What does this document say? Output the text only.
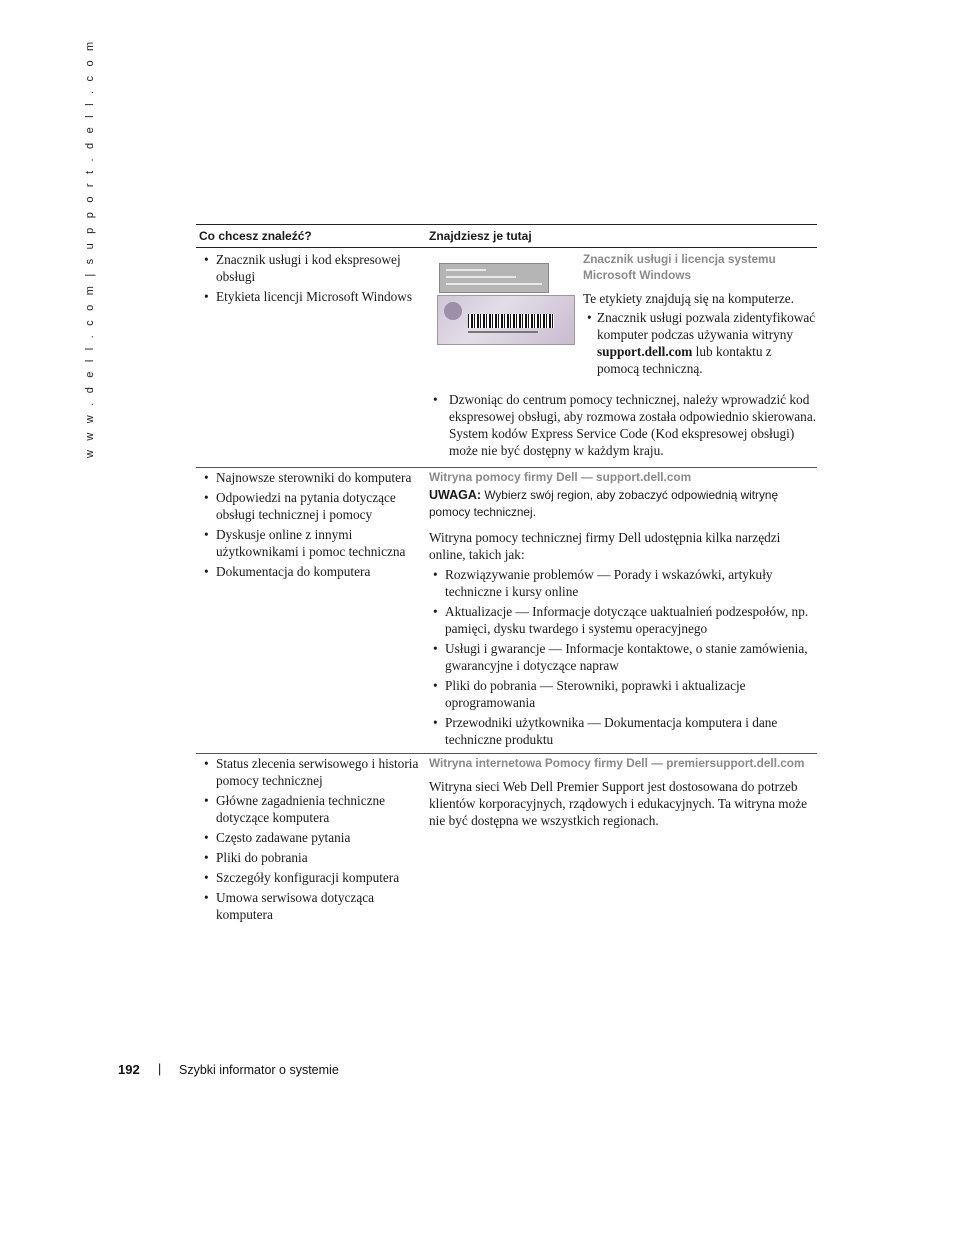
w w w . d e l l . c o m | s u p p o r t . d e l l . c o m	Co chcesz znaleźć?	Znajdziesz je tutaj
• Znacznik usługi i kod ekspresowej obsługi
• Etykieta licencji Microsoft Windows
Znacznik usługi i licencja systemu Microsoft Windows

Te etykiety znajdują się na komputerze.

• Znacznik usługi pozwala zidentyfikować komputer podczas używania witryny support.dell.com lub kontaktu z pomocą techniczną.
• Dzwoniąc do centrum pomocy technicznej, należy wprowadzić kod ekspresowej obsługi, aby rozmowa została odpowiednio skierowana. System kodów Express Service Code (Kod ekspresowej obsługi) może nie być dostępny w każdym kraju.
• Najnowsze sterowniki do komputera
• Odpowiedzi na pytania dotyczące obsługi technicznej i pomocy
• Dyskusje online z innymi użytkownikami i pomoc techniczna
• Dokumentacja do komputera
Witryna pomocy firmy Dell — support.dell.com
UWAGA: Wybierz swój region, aby zobaczyć odpowiednią witrynę pomocy technicznej.

Witryna pomocy technicznej firmy Dell udostępnia kilka narzędzi online, takich jak:

• Rozwiązywanie problemów — Porady i wskazówki, artykuły techniczne i kursy online
• Aktualizacje — Informacje dotyczące uaktualnień podzespołów, np. pamięci, dysku twardego i systemu operacyjnego
• Usługi i gwarancje — Informacje kontaktowe, o stanie zamówienia, gwarancyjne i dotyczące napraw
• Pliki do pobrania — Sterowniki, poprawki i aktualizacje oprogramowania
• Przewodniki użytkownika — Dokumentacja komputera i dane techniczne produktu
• Status zlecenia serwisowego i historia pomocy technicznej
• Główne zagadnienia techniczne dotyczące komputera
• Często zadawane pytania
• Pliki do pobrania
• Szczegóły konfiguracji komputera
• Umowa serwisowa dotycząca komputera
Witryna internetowa Pomocy firmy Dell — premiersupport.dell.com

Witryna sieci Web Dell Premier Support jest dostosowana do potrzeb klientów korporacyjnych, rządowych i edukacyjnych. Ta witryna może nie być dostępna we wszystkich regionach.

192 | Szybki informator o systemie
